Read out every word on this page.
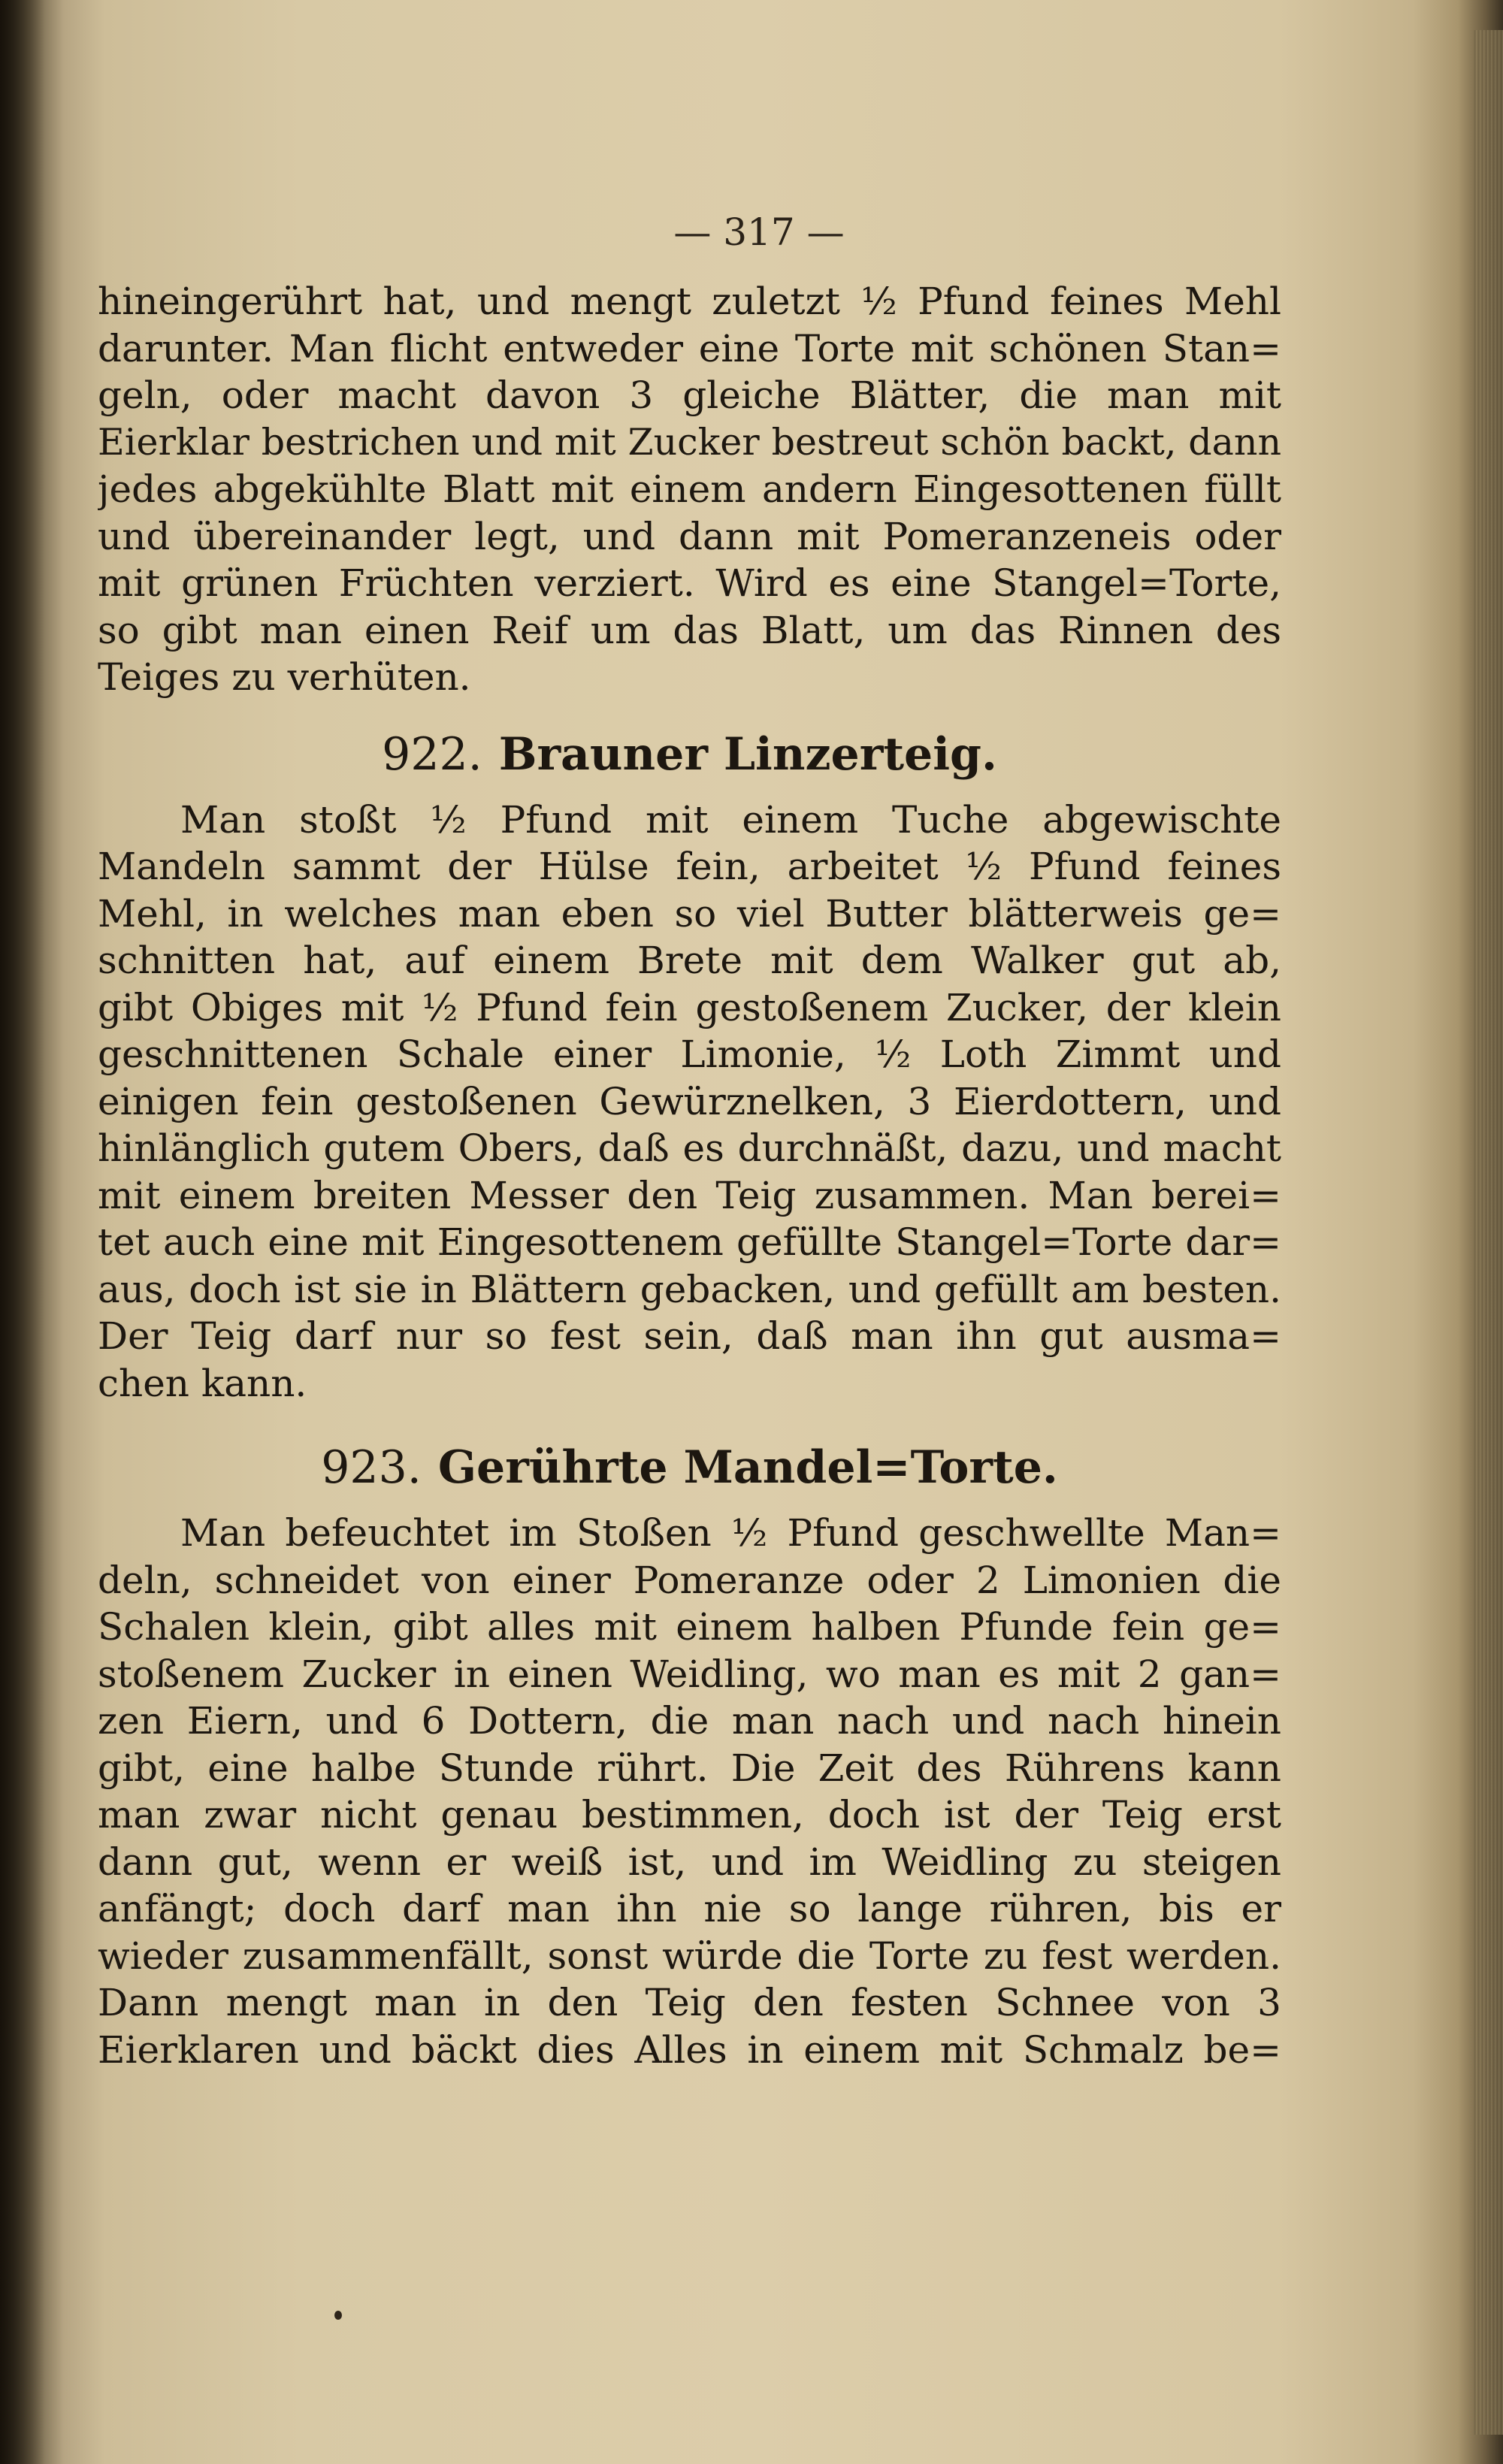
— 317 —
hineingerührt hat, und mengt zuletzt ½ Pfund feines Mehl
darunter. Man flicht entweder eine Torte mit schönen Stan=
geln, oder macht davon 3 gleiche Blätter, die man mit
Eierklar bestrichen und mit Zucker bestreut schön backt, dann
jedes abgekühlte Blatt mit einem andern Eingesottenen füllt
und übereinander legt, und dann mit Pomeranzeneis oder
mit grünen Früchten verziert. Wird es eine Stangel=Torte,
so gibt man einen Reif um das Blatt, um das Rinnen des
Teiges zu verhüten.
922. Brauner Linzerteig.
Man stoßt ½ Pfund mit einem Tuche abgewischte
Mandeln sammt der Hülse fein, arbeitet ½ Pfund feines
Mehl, in welches man eben so viel Butter blätterweis ge=
schnitten hat, auf einem Brete mit dem Walker gut ab,
gibt Obiges mit ½ Pfund fein gestoßenem Zucker, der klein
geschnittenen Schale einer Limonie, ½ Loth Zimmt und
einigen fein gestoßenen Gewürznelken, 3 Eierdottern, und
hinlänglich gutem Obers, daß es durchnäßt, dazu, und macht
mit einem breiten Messer den Teig zusammen. Man berei=
tet auch eine mit Eingesottenem gefüllte Stangel=Torte dar=
aus, doch ist sie in Blättern gebacken, und gefüllt am besten.
Der Teig darf nur so fest sein, daß man ihn gut ausma=
chen kann.
923. Gerührte Mandel=Torte.
Man befeuchtet im Stoßen ½ Pfund geschwellte Man=
deln, schneidet von einer Pomeranze oder 2 Limonien die
Schalen klein, gibt alles mit einem halben Pfunde fein ge=
stoßenem Zucker in einen Weidling, wo man es mit 2 gan=
zen Eiern, und 6 Dottern, die man nach und nach hinein
gibt, eine halbe Stunde rührt. Die Zeit des Rührens kann
man zwar nicht genau bestimmen, doch ist der Teig erst
dann gut, wenn er weiß ist, und im Weidling zu steigen
anfängt; doch darf man ihn nie so lange rühren, bis er
wieder zusammenfällt, sonst würde die Torte zu fest werden.
Dann mengt man in den Teig den festen Schnee von 3
Eierklaren und bäckt dies Alles in einem mit Schmalz be=
